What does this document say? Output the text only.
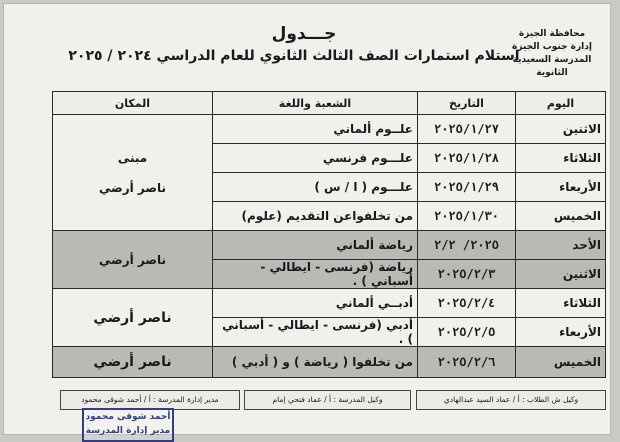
محافظة الجيزة
إدارة جنوب الجيزة
المدرسة السعيدية الثانوية
جـــدول
استلام استمارات الصف الثالث الثانوي للعام الدراسي ٢٠٢٤ / ٢٠٢٥
اليوم	التاريخ	الشعبة واللغة	المكان
الاثنين	٢٠٢٥/١/٢٧	علــوم ألماني	مبنى
ناصر أرضي

الثلاثاء	٢٠٢٥/١/٢٨	علـــوم فرنسي	
الأربعاء	٢٠٢٥/١/٢٩	علـــوم ( ا / س )	
الخميس	٢٠٢٥/١/٣٠	من تخلفواعن التقديم (علوم)	
الأحد	٢٠٢٥/ ٢/٢	رياضة ألماني	ناصر أرضي
الاثنين	٢٠٢٥/٢/٣	رياضة (فرنسى - ايطالي - أسباني ) .	
الثلاثاء	٢٠٢٥/٢/٤	أدبــي ألماني	ناصر أرضي
الأربعاء	٢٠٢٥/٢/٥	أدبي (فرنسى - ايطالي - أسباني ) .	
الخميس	٢٠٢٥/٢/٦	من تخلفوا ( رياضة ) و ( أدبي )	ناصر أرضي
وكيل ش الطلاب : أ / عماد السيد عبدالهادي
وكيل المدرسة : أ / عماد فتحي إمام
مدير إدارة المدرسة : أ / أحمد شوقى محمود
أحمد شوقى محمود
مدير إدارة المدرسة
